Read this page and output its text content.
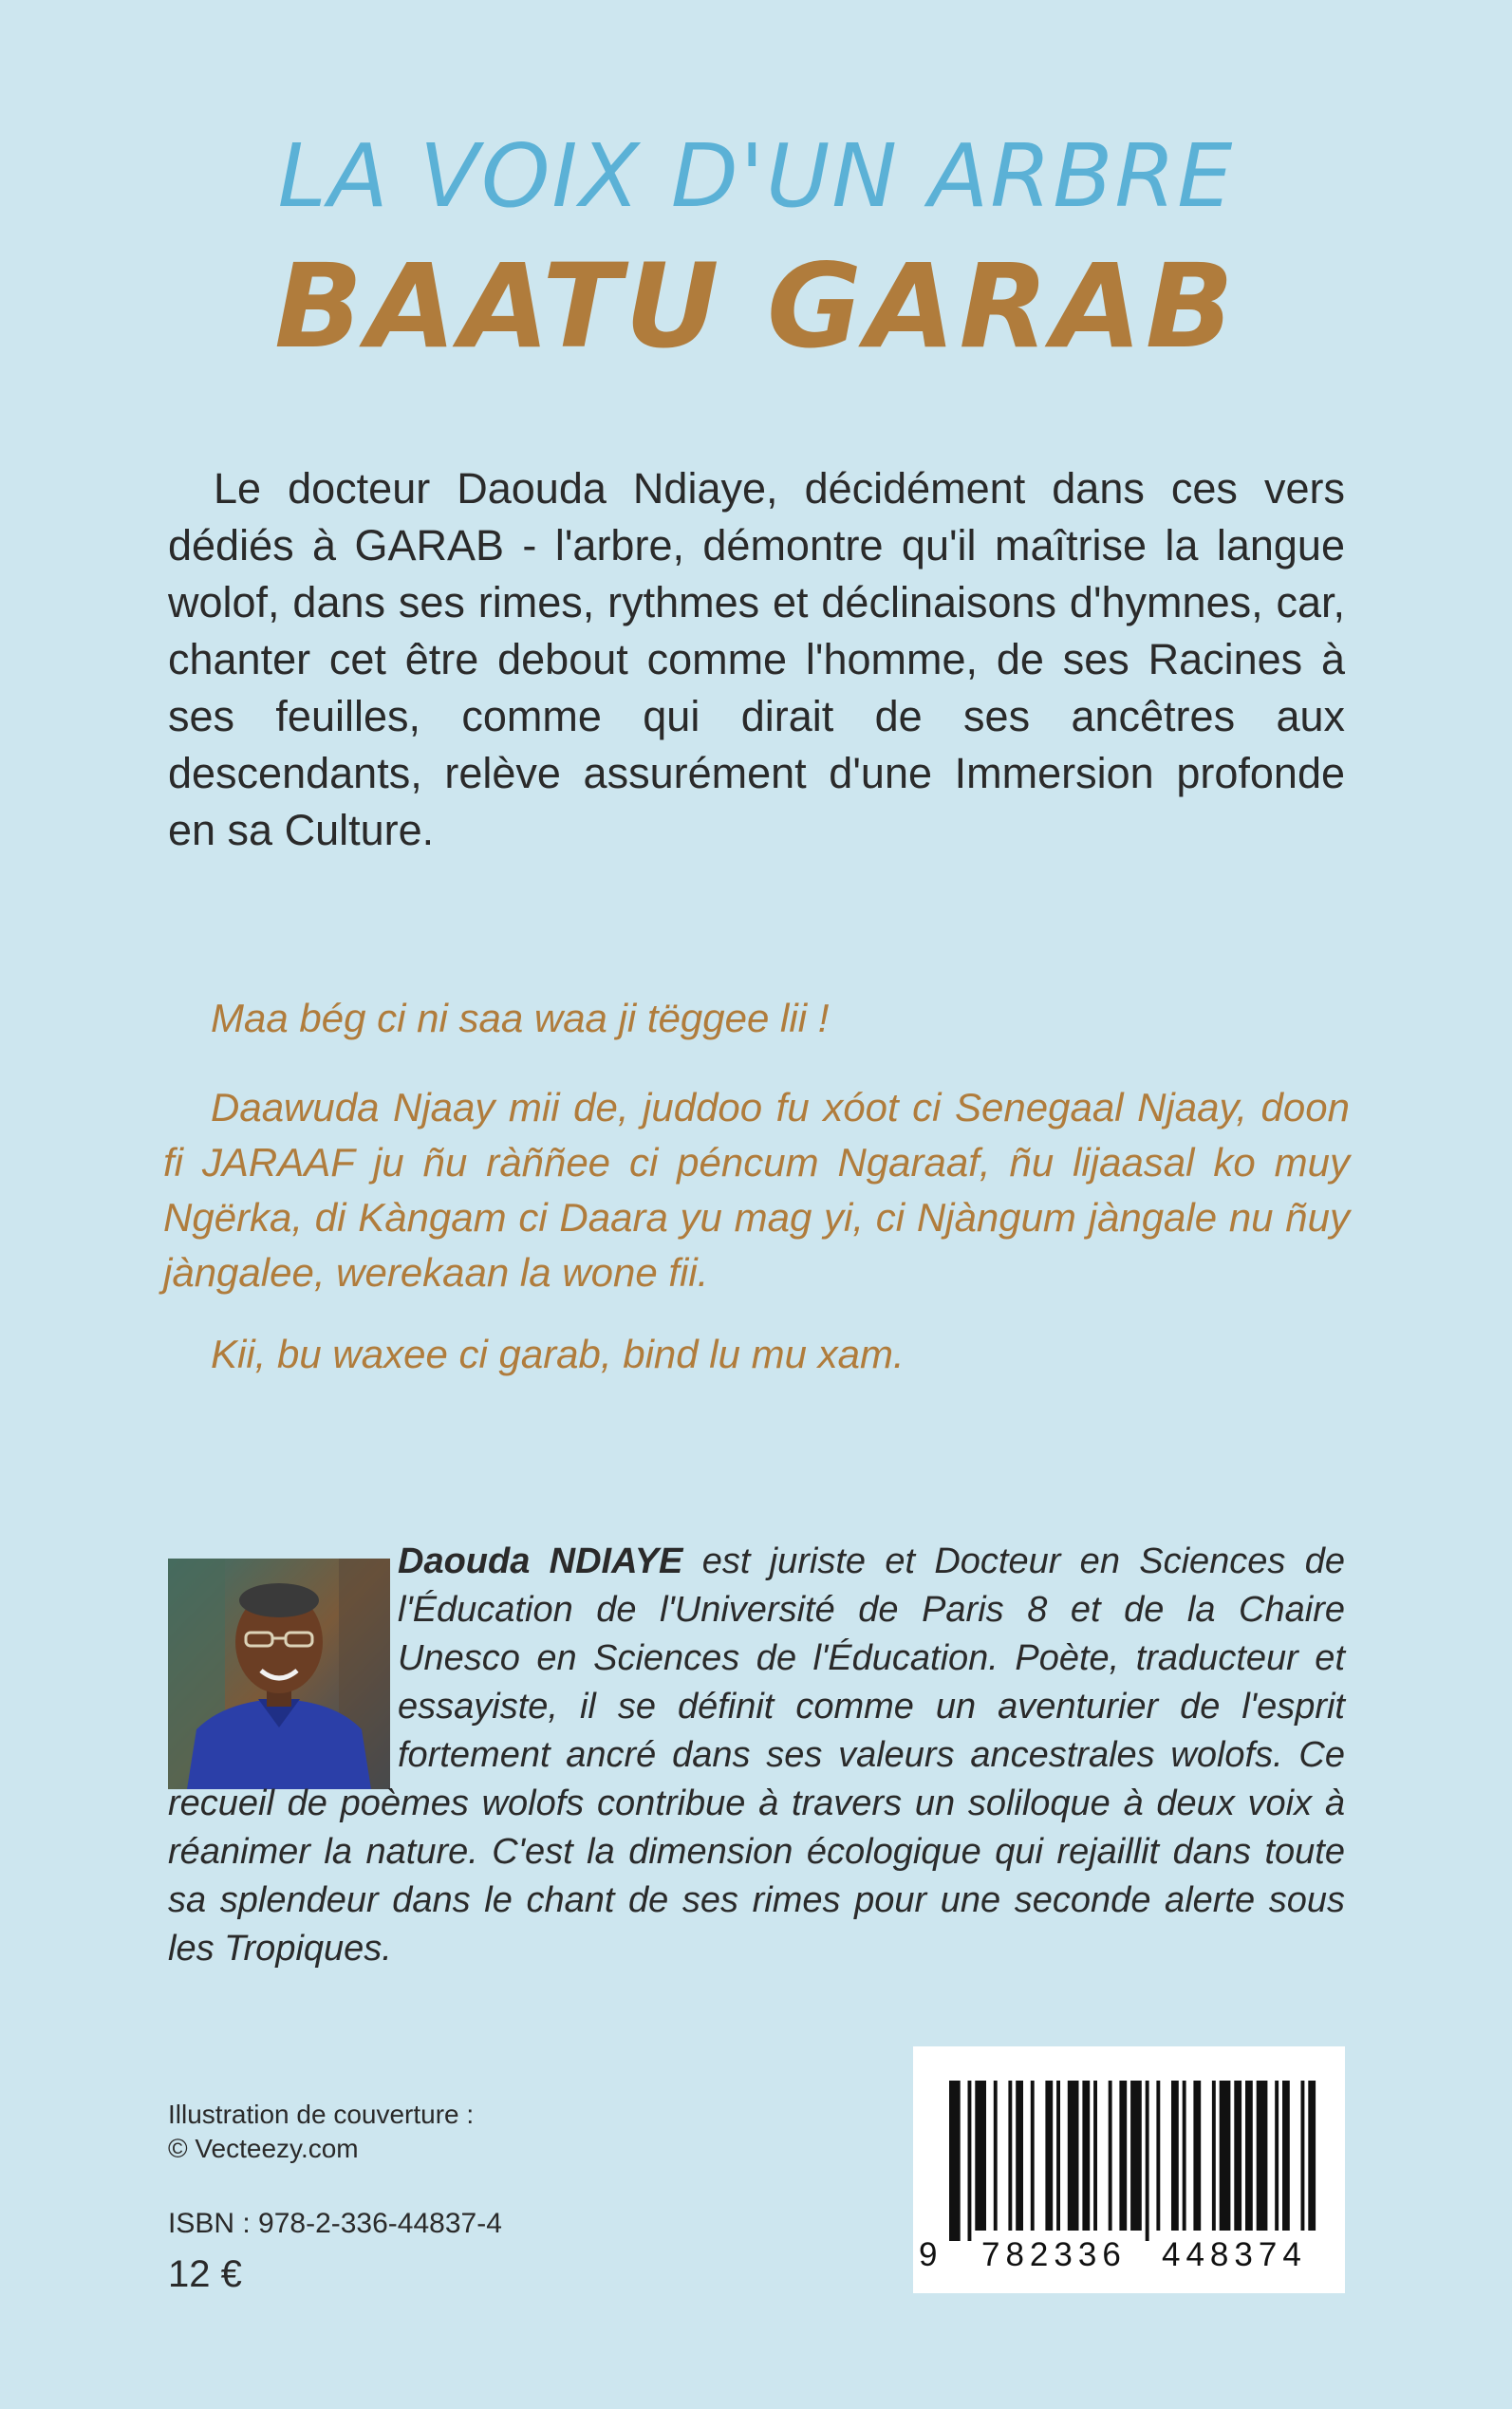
LA VOIX D'UN ARBRE
BAATU GARAB
Le docteur Daouda Ndiaye, décidément dans ces vers dédiés à GARAB - l'arbre, démontre qu'il maîtrise la langue wolof, dans ses rimes, rythmes et déclinaisons d'hymnes, car, chanter cet être debout comme l'homme, de ses Racines à ses feuilles, comme qui dirait de ses ancêtres aux descendants, relève assurément d'une Immersion profonde en sa Culture.

Maa bég ci ni saa waa ji tëggee lii !

Daawuda Njaay mii de, juddoo fu xóot ci Senegaal Njaay, doon fi JARAAF ju ñu ràññee ci péncum Ngaraaf, ñu lijaasal ko muy Ngërka, di Kàngam ci Daara yu mag yi, ci Njàngum jàngale nu ñuy jàngalee, werekaan la wone fii.

Kii, bu waxee ci garab, bind lu mu xam.

Daouda NDIAYE est juriste et Docteur en Sciences de l'Éducation de l'Université de Paris 8 et de la Chaire Unesco en Sciences de l'Éducation. Poète, traducteur et essayiste, il se définit comme un aventurier de l'esprit fortement ancré dans ses valeurs ancestrales wolofs. Ce recueil de poèmes wolofs contribue à travers un soliloque à deux voix à réanimer la nature. C'est la dimension écologique qui rejaillit dans toute sa splendeur dans le chant de ses rimes pour une seconde alerte sous les Tropiques.
Illustration de couverture :
© Vecteezy.com
ISBN : 978-2-336-44837-4
12 €	9 782336 448374
